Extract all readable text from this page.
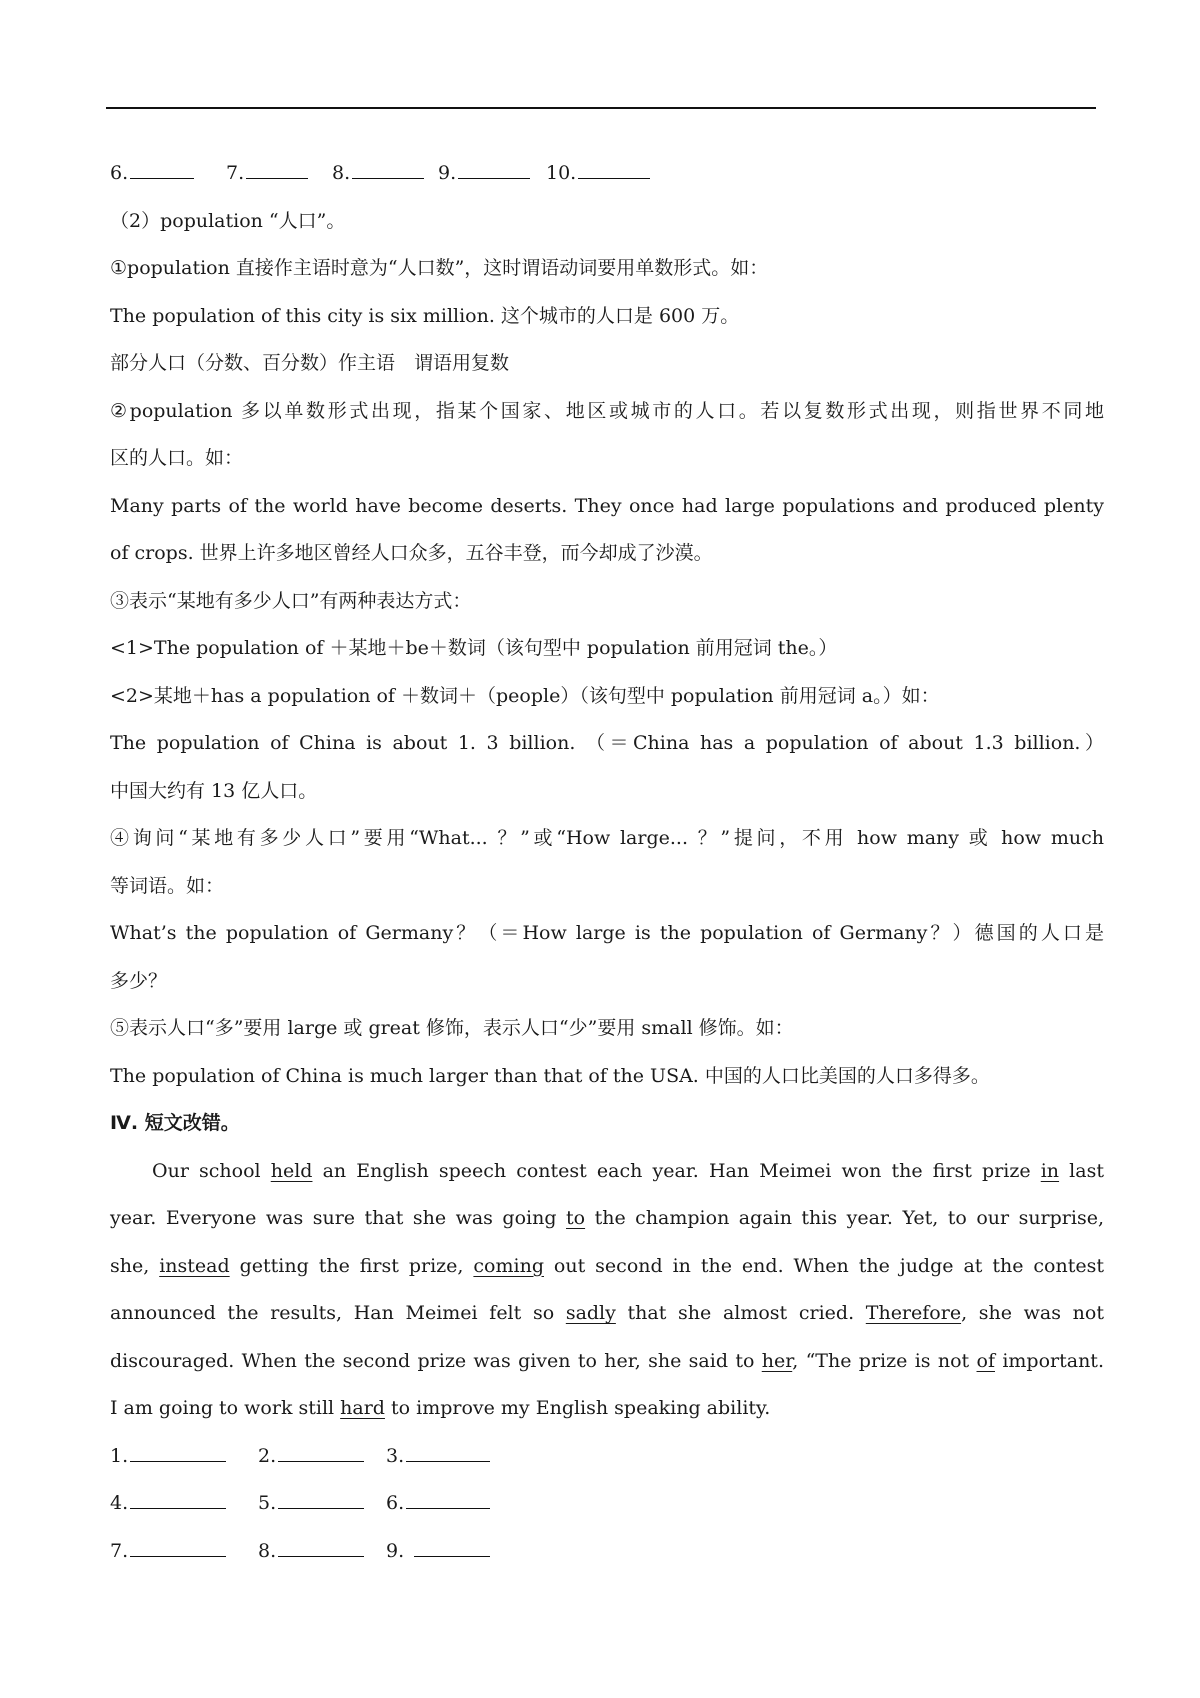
6.	7.	8.	9.	10.
（2）population “人口”。
①population 直接作主语时意为“人口数”，这时谓语动词要用单数形式。如：
The population of this city is six million. 这个城市的人口是 600 万。
部分人口（分数、百分数）作主语　谓语用复数
②population 多以单数形式出现，指某个国家、地区或城市的人口。若以复数形式出现，则指世界不同地
区的人口。如：
Many parts of the world have become deserts. They once had large populations and produced plenty
of crops. 世界上许多地区曾经人口众多，五谷丰登，而今却成了沙漠。
③表示“某地有多少人口”有两种表达方式：
<1>The population of ＋某地＋be＋数词（该句型中 population 前用冠词 the。）
<2>某地＋has a population of ＋数词＋（people）（该句型中 population 前用冠词 a。）如：
The population of China is about 1. 3 billion. （＝China has a population of about 1.3 billion.）
中国大约有 13 亿人口。
④询问“某地有多少人口”要用“What... ？”或“How large... ？”提问，不用 how many 或 how much
等词语。如：
What’s the population of Germany？（＝How large is the population of Germany？）德国的人口是
多少？
⑤表示人口“多”要用 large 或 great 修饰，表示人口“少”要用 small 修饰。如：
The population of China is much larger than that of the USA. 中国的人口比美国的人口多得多。
Ⅳ. 短文改错。
Our school held an English speech contest each year. Han Meimei won the first prize in last
year. Everyone was sure that she was going to the champion again this year. Yet, to our surprise,
she, instead getting the first prize, coming out second in the end. When the judge at the contest
announced the results, Han Meimei felt so sadly that she almost cried. Therefore, she was not
discouraged. When the second prize was given to her, she said to her, “The prize is not of important.
I am going to work still hard to improve my English speaking ability.
1.	2.	3.
4.	5.	6.
7.	8.	9.
